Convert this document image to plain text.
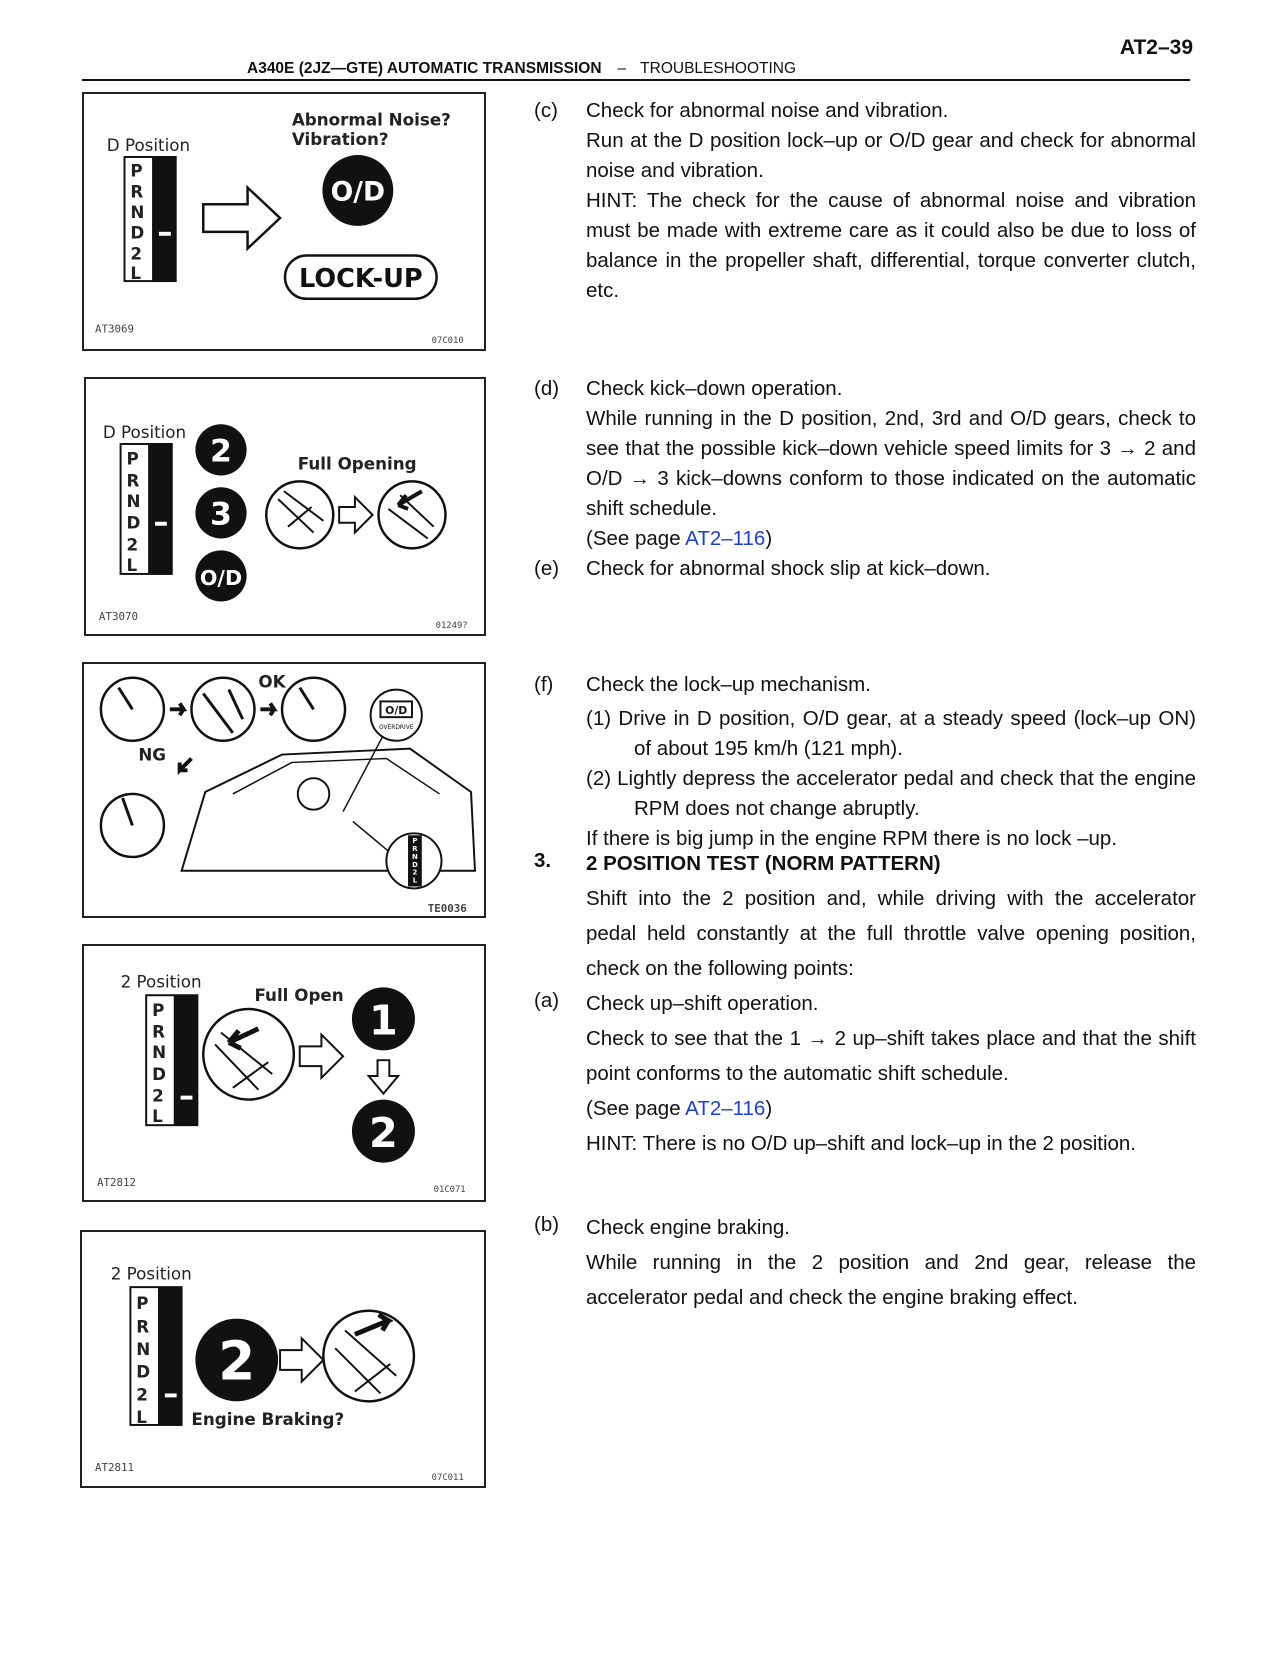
AT2–39
A340E (2JZ—GTE) AUTOMATIC TRANSMISSION – TROUBLESHOOTING
D Position
P
R
N
D
2
L
Abnormal Noise?
Vibration?
O/D
LOCK-UP
AT3069
07C010
D Position
P
R
N
D
2
L
2
3
O/D
Full Opening
AT3070
01249?
OK
NG
O/D
OVERDRIVE
P
R
N
D
2
L
TE0036
2 Position
P
R
N
D
2
L
Full Open
1
2
AT2812
01C071
2 Position
P
R
N
D
2
L
2
Engine Braking?
AT2811
07C011
(c) Check for abnormal noise and vibration.

Run at the D position lock–up or O/D gear and check for abnormal noise and vibration.

HINT: The check for the cause of abnormal noise and vibration must be made with extreme care as it could also be due to loss of balance in the propeller shaft, differential, torque converter clutch, etc.

(d) Check kick–down operation.

While running in the D position, 2nd, 3rd and O/D gears, check to see that the possible kick–down vehicle speed limits for 3 → 2 and O/D → 3 kick–downs conform to those indicated on the automatic shift schedule.

(See page AT2–116)

(e) Check for abnormal shock slip at kick–down.

(f) Check the lock–up mechanism.

(1) Drive in D position, O/D gear, at a steady speed (lock–up ON) of about 195 km/h (121 mph).

(2) Lightly depress the accelerator pedal and check that the engine RPM does not change abruptly.

If there is big jump in the engine RPM there is no lock –up.

3. 2 POSITION TEST (NORM PATTERN)

Shift into the 2 position and, while driving with the accelerator pedal held constantly at the full throttle valve opening position, check on the following points:

(a) Check up–shift operation.

Check to see that the 1 → 2 up–shift takes place and that the shift point conforms to the automatic shift schedule.

(See page AT2–116)

HINT: There is no O/D up–shift and lock–up in the 2 position.

(b) Check engine braking.

While running in the 2 position and 2nd gear, release the accelerator pedal and check the engine braking effect.
